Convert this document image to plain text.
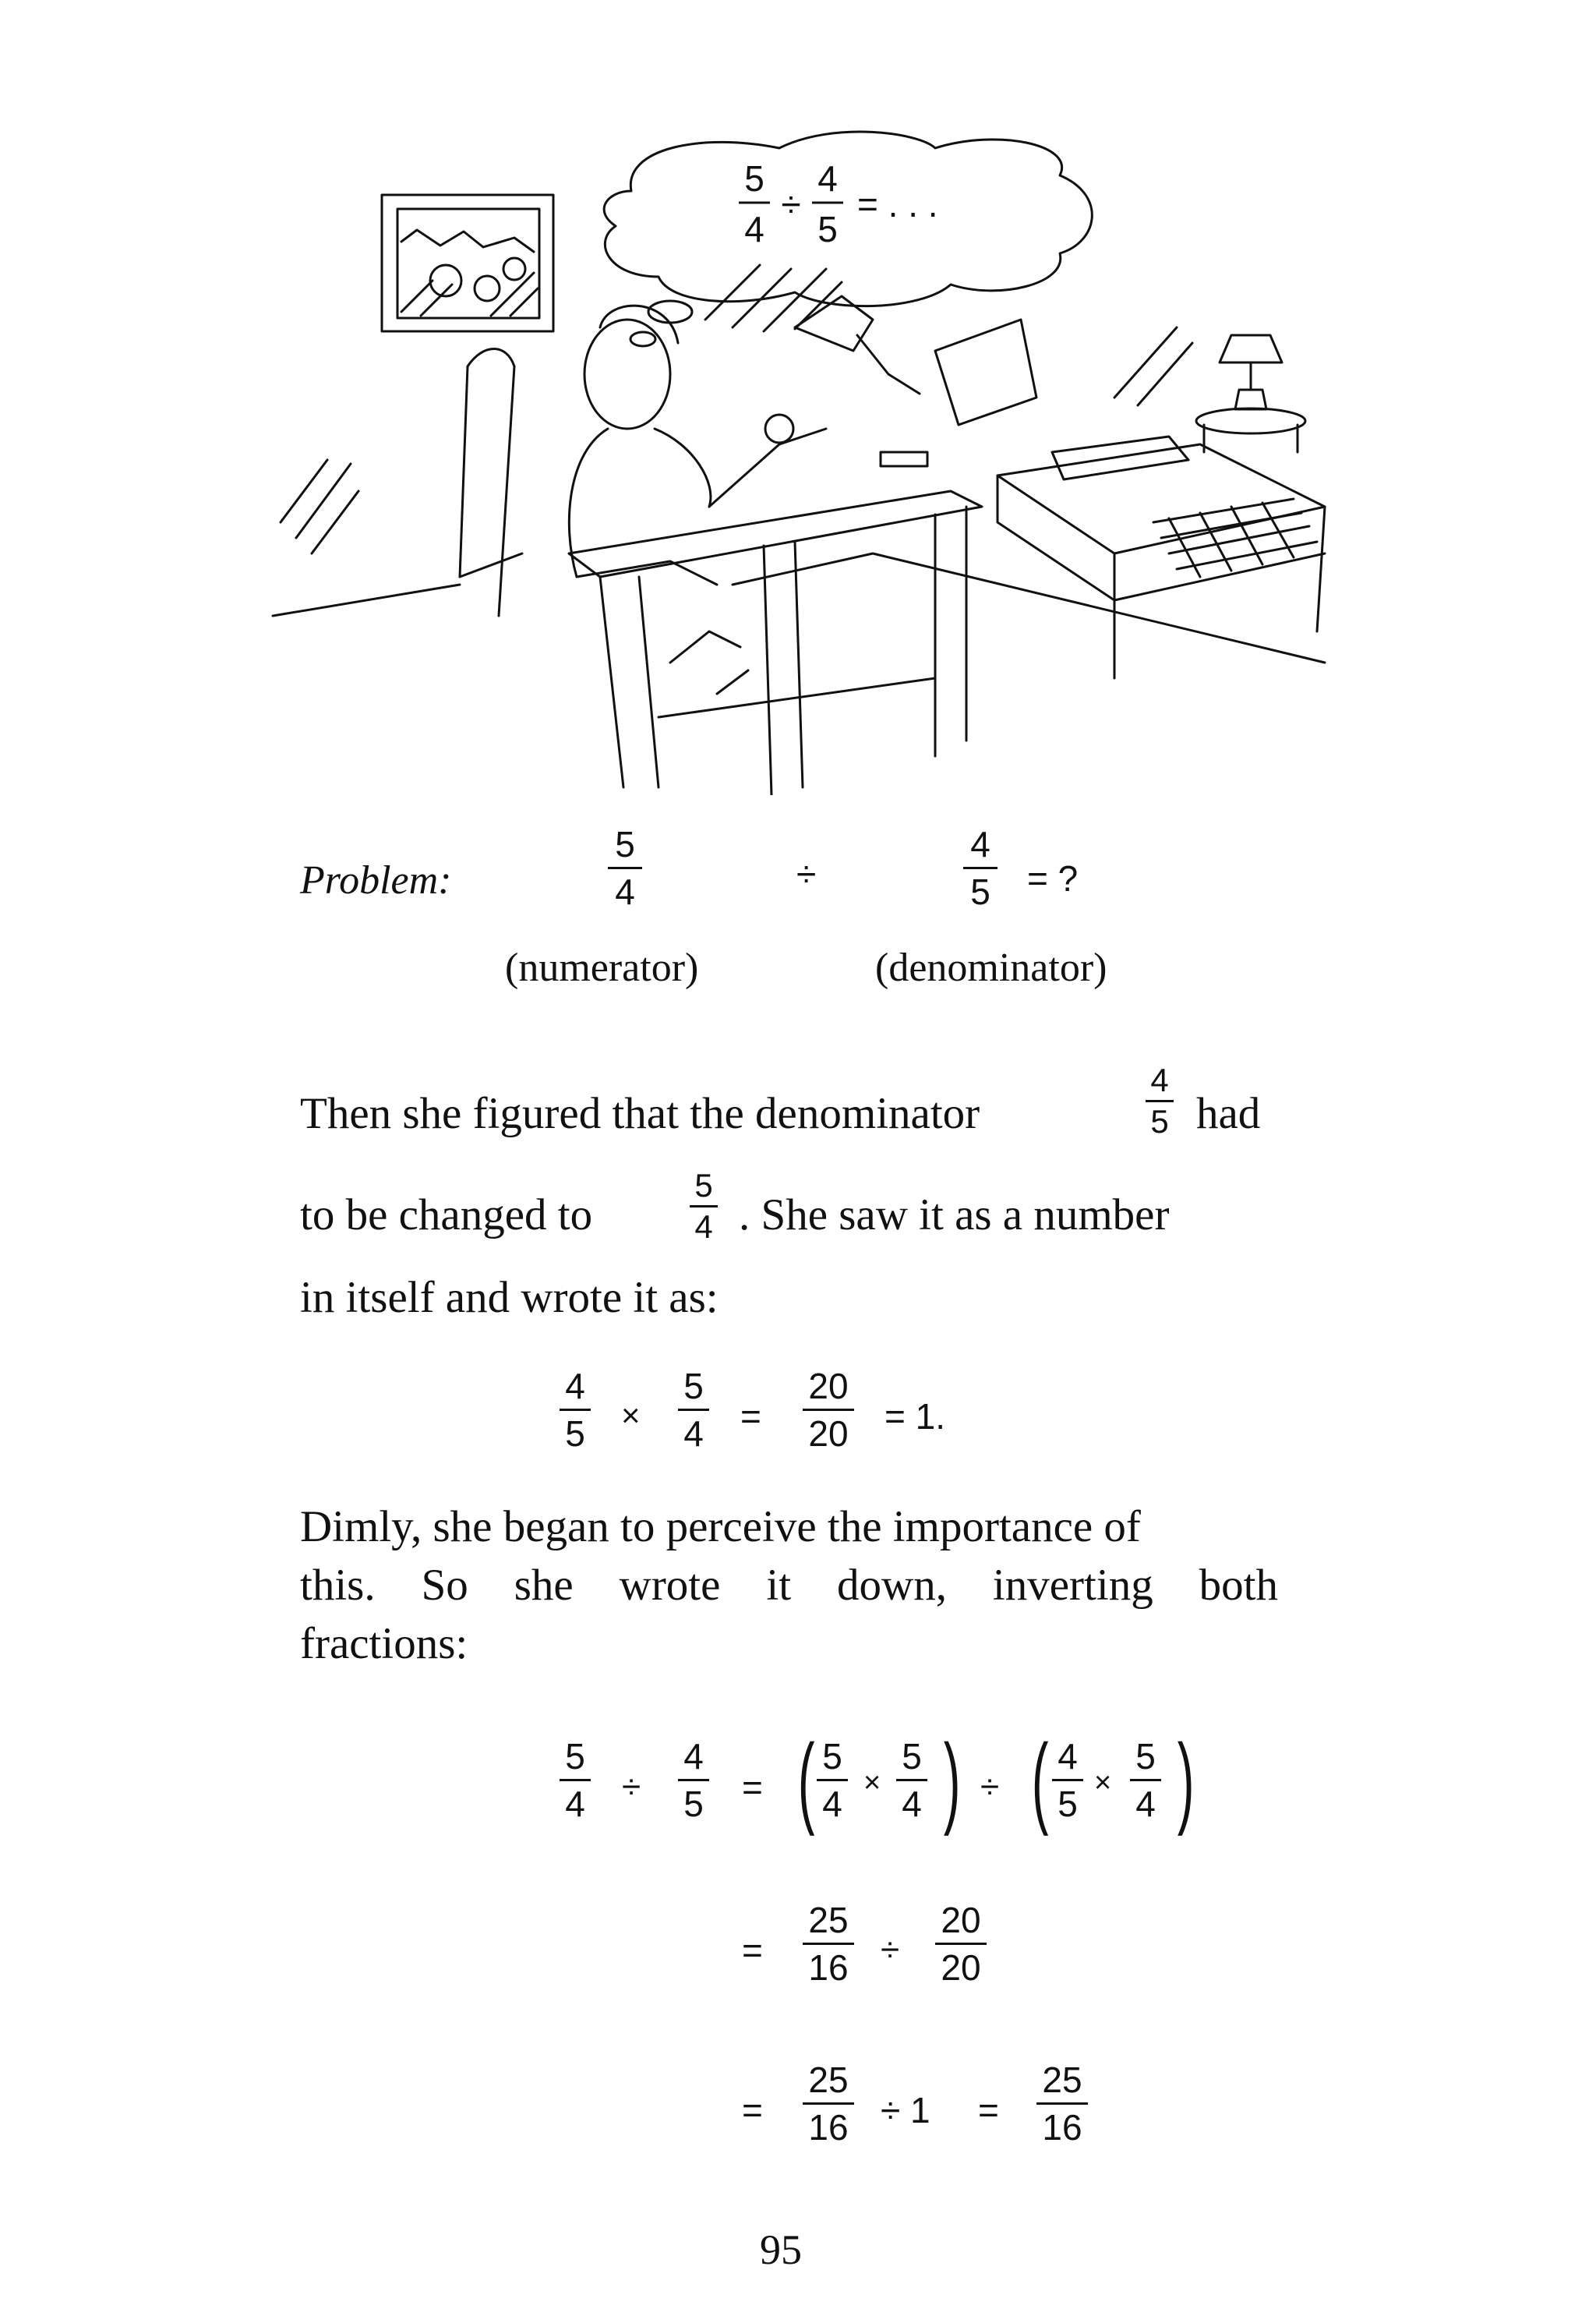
5
4
÷
4
5
= . . .
Problem:
5
4	÷
4
5 = ?
(numerator)	(denominator)
Then she figured that the denominator
4
5 had
to be changed to
5
4 . She saw it as a number
in itself and wrote it as:
4
5 ×
5
4 =
20
20 = 1.
Dimly, she began to perceive the importance of
this. So she wrote it down, inverting both
fractions:
5
4 ÷
4
5 = ( 5
4
×
5
4 ) ÷ ( 4
5
×
5
4 )
=
25
16 ÷
20
20
=
25
16 ÷ 1 =
25
16
95
